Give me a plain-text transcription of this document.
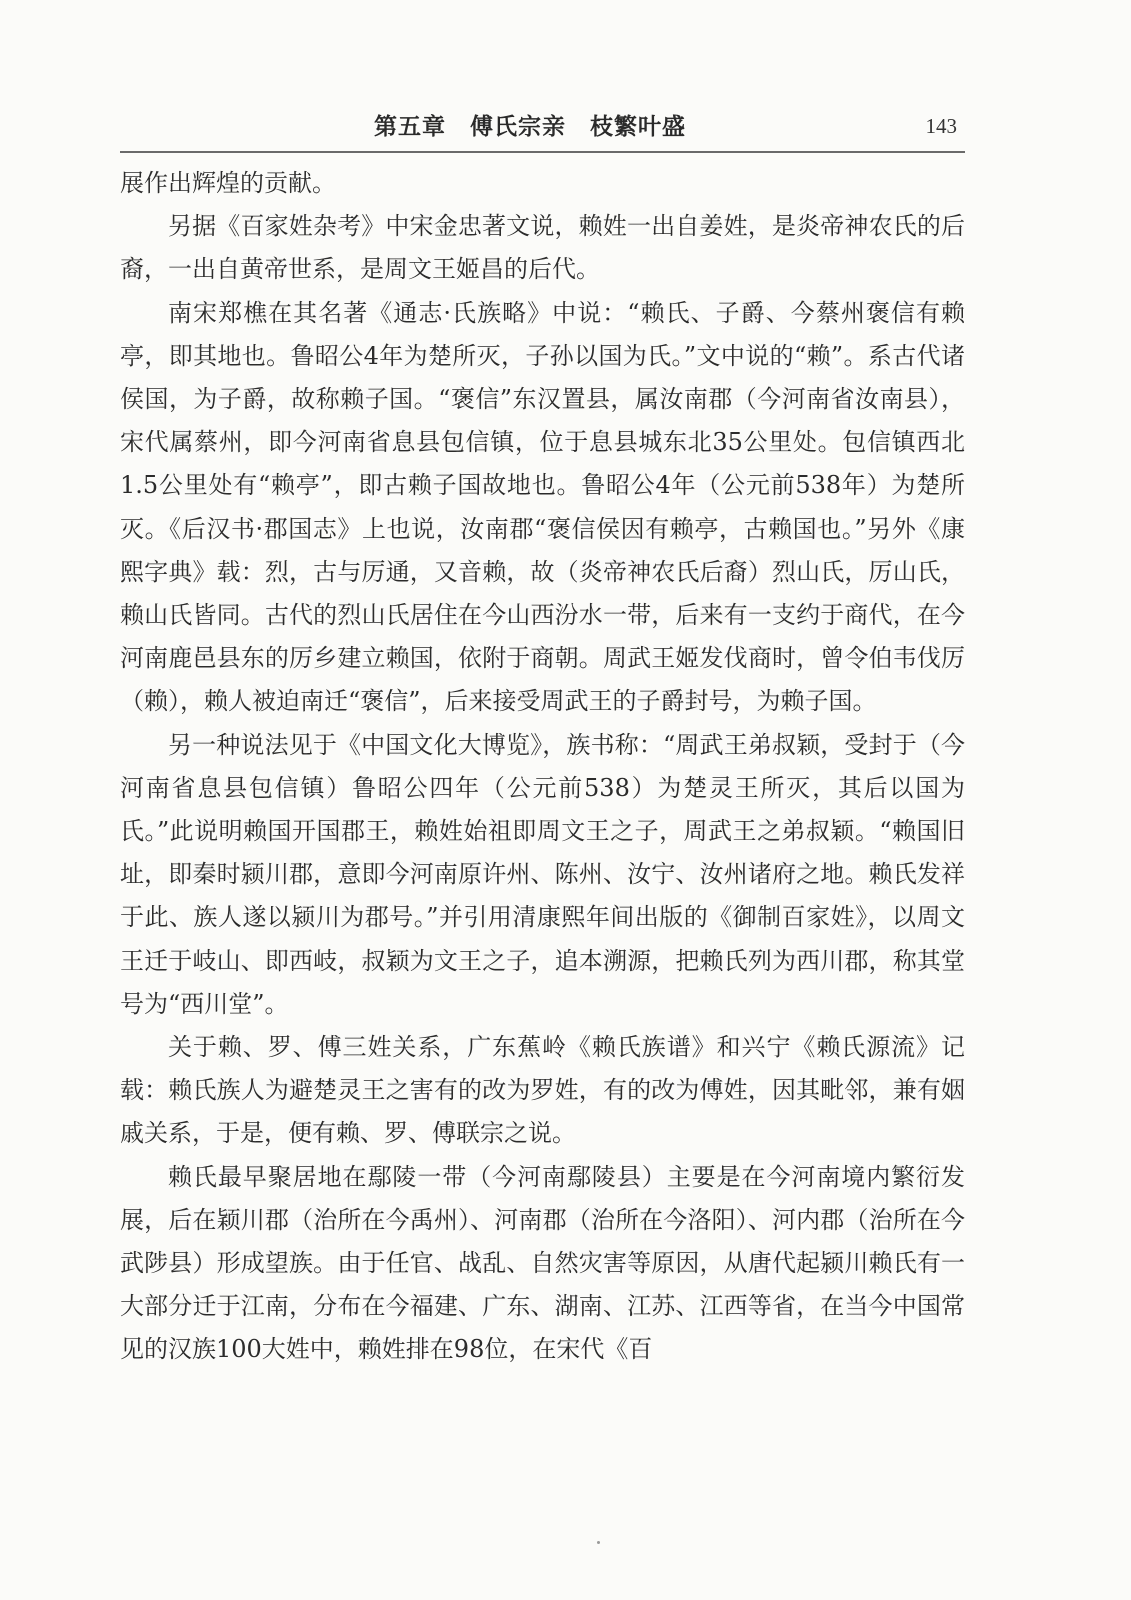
第五章　傅氏宗亲　枝繁叶盛	143

展作出辉煌的贡献。

另据《百家姓杂考》中宋金忠著文说，赖姓一出自姜姓，是炎帝神农氏的后裔，一出自黄帝世系，是周文王姬昌的后代。

南宋郑樵在其名著《通志·氏族略》中说：“赖氏、子爵、今蔡州褒信有赖亭，即其地也。鲁昭公4年为楚所灭，子孙以国为氏。”文中说的“赖”。系古代诸侯国，为子爵，故称赖子国。“褒信”东汉置县，属汝南郡（今河南省汝南县），宋代属蔡州，即今河南省息县包信镇，位于息县城东北35公里处。包信镇西北1.5公里处有“赖亭”，即古赖子国故地也。鲁昭公4年（公元前538年）为楚所灭。《后汉书·郡国志》上也说，汝南郡“褒信侯因有赖亭，古赖国也。”另外《康熙字典》载：烈，古与厉通，又音赖，故（炎帝神农氏后裔）烈山氏，厉山氏，赖山氏皆同。古代的烈山氏居住在今山西汾水一带，后来有一支约于商代，在今河南鹿邑县东的厉乡建立赖国，依附于商朝。周武王姬发伐商时，曾令伯韦伐厉（赖），赖人被迫南迁“褒信”，后来接受周武王的子爵封号，为赖子国。

另一种说法见于《中国文化大博览》，族书称：“周武王弟叔颖，受封于（今河南省息县包信镇）鲁昭公四年（公元前538）为楚灵王所灭，其后以国为氏。”此说明赖国开国郡王，赖姓始祖即周文王之子，周武王之弟叔颖。“赖国旧址，即秦时颍川郡，意即今河南原许州、陈州、汝宁、汝州诸府之地。赖氏发祥于此、族人遂以颍川为郡号。”并引用清康熙年间出版的《御制百家姓》，以周文王迁于岐山、即西岐，叔颖为文王之子，追本溯源，把赖氏列为西川郡，称其堂号为“西川堂”。

关于赖、罗、傅三姓关系，广东蕉岭《赖氏族谱》和兴宁《赖氏源流》记载：赖氏族人为避楚灵王之害有的改为罗姓，有的改为傅姓，因其毗邻，兼有姻戚关系，于是，便有赖、罗、傅联宗之说。

赖氏最早聚居地在鄢陵一带（今河南鄢陵县）主要是在今河南境内繁衍发展，后在颖川郡（治所在今禹州）、河南郡（治所在今洛阳）、河内郡（治所在今武陟县）形成望族。由于任官、战乱、自然灾害等原因，从唐代起颍川赖氏有一大部分迁于江南，分布在今福建、广东、湖南、江苏、江西等省，在当今中国常见的汉族100大姓中，赖姓排在98位，在宋代《百
